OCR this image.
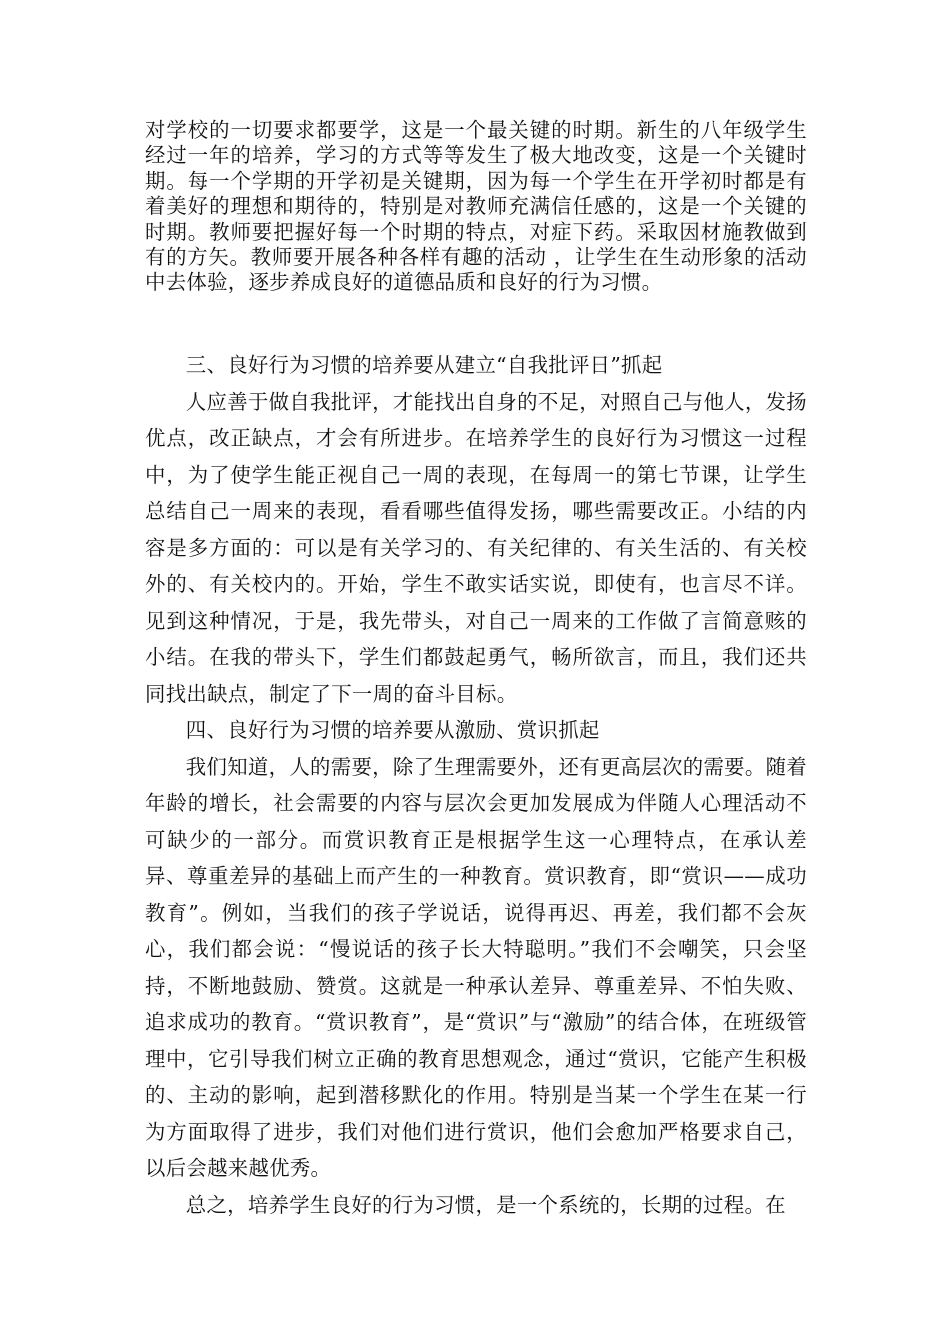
对学校的一切要求都要学，这是一个最关键的时期。新生的八年级学生经过一年的培养，学习的方式等等发生了极大地改变，这是一个关键时期。每一个学期的开学初是关键期，因为每一个学生在开学初时都是有着美好的理想和期待的，特别是对教师充满信任感的，这是一个关键的时期。教师要把握好每一个时期的特点，对症下药。采取因材施教做到有的方矢。教师要开展各种各样有趣的活动 ，让学生在生动形象的活动中去体验，逐步养成良好的道德品质和良好的行为习惯。

三、良好行为习惯的培养要从建立“自我批评日”抓起

人应善于做自我批评，才能找出自身的不足，对照自己与他人，发扬优点，改正缺点，才会有所进步。在培养学生的良好行为习惯这一过程中，为了使学生能正视自己一周的表现，在每周一的第七节课，让学生总结自己一周来的表现，看看哪些值得发扬，哪些需要改正。小结的内容是多方面的：可以是有关学习的、有关纪律的、有关生活的、有关校外的、有关校内的。开始，学生不敢实话实说，即使有，也言尽不详。见到这种情况，于是，我先带头，对自己一周来的工作做了言简意赅的小结。在我的带头下，学生们都鼓起勇气，畅所欲言，而且，我们还共同找出缺点，制定了下一周的奋斗目标。

四、良好行为习惯的培养要从激励、赏识抓起

我们知道，人的需要，除了生理需要外，还有更高层次的需要。随着年龄的增长，社会需要的内容与层次会更加发展成为伴随人心理活动不可缺少的一部分。而赏识教育正是根据学生这一心理特点，在承认差异、尊重差异的基础上而产生的一种教育。赏识教育，即“赏识——成功教育”。例如，当我们的孩子学说话，说得再迟、再差，我们都不会灰心，我们都会说：“慢说话的孩子长大特聪明。”我们不会嘲笑，只会坚持，不断地鼓励、赞赏。这就是一种承认差异、尊重差异、不怕失败、追求成功的教育。“赏识教育”，是“赏识”与“激励”的结合体，在班级管理中，它引导我们树立正确的教育思想观念，通过“赏识，它能产生积极的、主动的影响，起到潜移默化的作用。特别是当某一个学生在某一行为方面取得了进步，我们对他们进行赏识，他们会愈加严格要求自己，以后会越来越优秀。

总之，培养学生良好的行为习惯，是一个系统的，长期的过程。在
